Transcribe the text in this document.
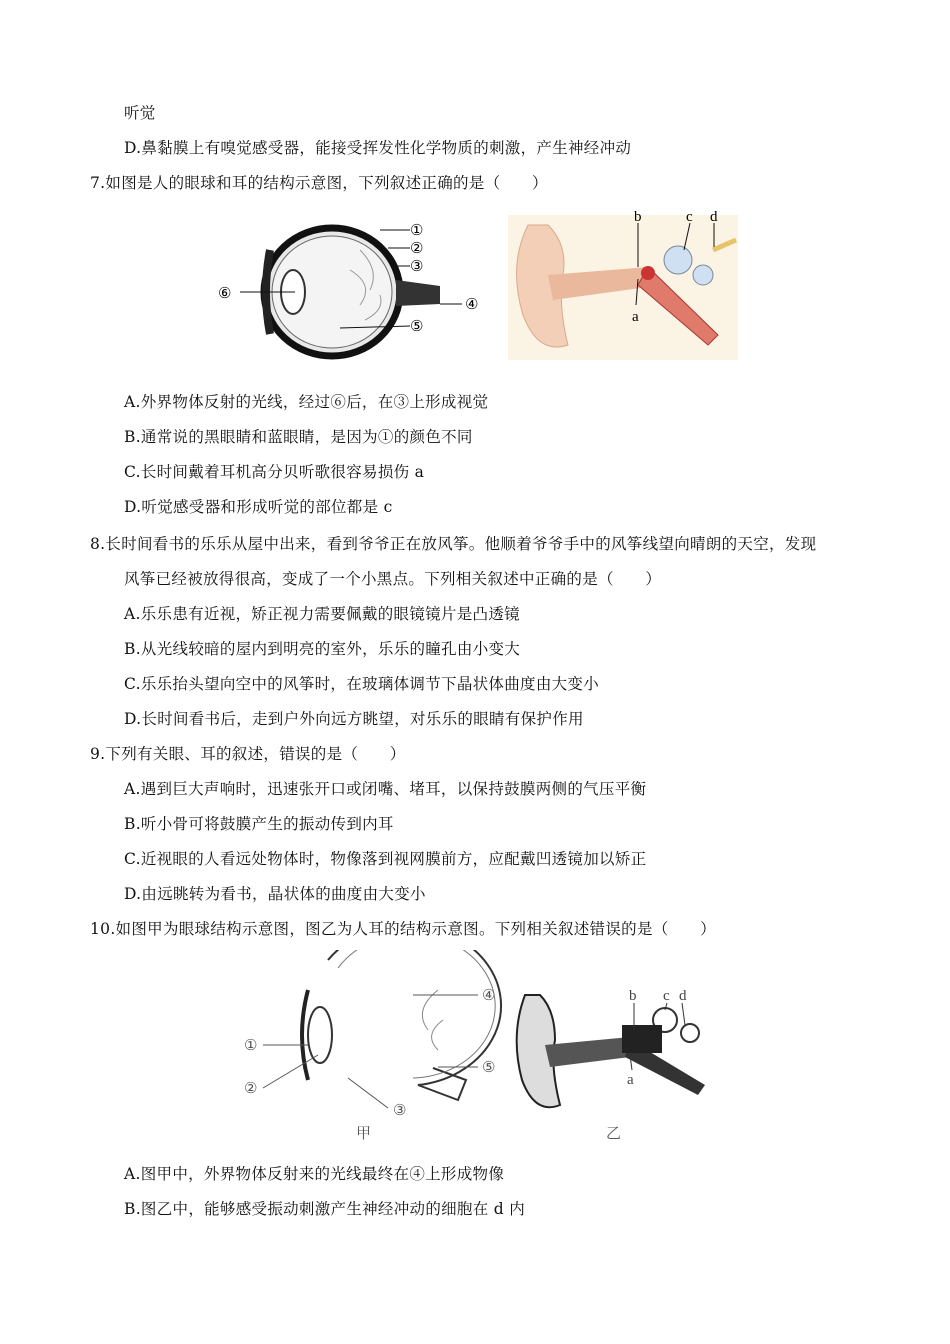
听觉
D.鼻黏膜上有嗅觉感受器，能接受挥发性化学物质的刺激，产生神经冲动
7.如图是人的眼球和耳的结构示意图，下列叙述正确的是（　　）
①
②
③
④
⑤
⑥
b	c d
a
A.外界物体反射的光线，经过⑥后，在③上形成视觉
B.通常说的黑眼睛和蓝眼睛，是因为①的颜色不同
C.长时间戴着耳机高分贝听歌很容易损伤 a
D.听觉感受器和形成听觉的部位都是 c
8.长时间看书的乐乐从屋中出来，看到爷爷正在放风筝。他顺着爷爷手中的风筝线望向晴朗的天空，发现
风筝已经被放得很高，变成了一个小黑点。下列相关叙述中正确的是（　　）
A.乐乐患有近视，矫正视力需要佩戴的眼镜镜片是凸透镜
B.从光线较暗的屋内到明亮的室外，乐乐的瞳孔由小变大
C.乐乐抬头望向空中的风筝时，在玻璃体调节下晶状体曲度由大变小
D.长时间看书后，走到户外向远方眺望，对乐乐的眼睛有保护作用
9.下列有关眼、耳的叙述，错误的是（　　）
A.遇到巨大声响时，迅速张开口或闭嘴、堵耳，以保持鼓膜两侧的气压平衡
B.听小骨可将鼓膜产生的振动传到内耳
C.近视眼的人看远处物体时，物像落到视网膜前方，应配戴凹透镜加以矫正
D.由远眺转为看书，晶状体的曲度由大变小
10.如图甲为眼球结构示意图，图乙为人耳的结构示意图。下列相关叙述错误的是（　　）
①
②
③
④
⑤
甲
b c d
a
乙
A.图甲中，外界物体反射来的光线最终在④上形成物像
B.图乙中，能够感受振动刺激产生神经冲动的细胞在 d 内
